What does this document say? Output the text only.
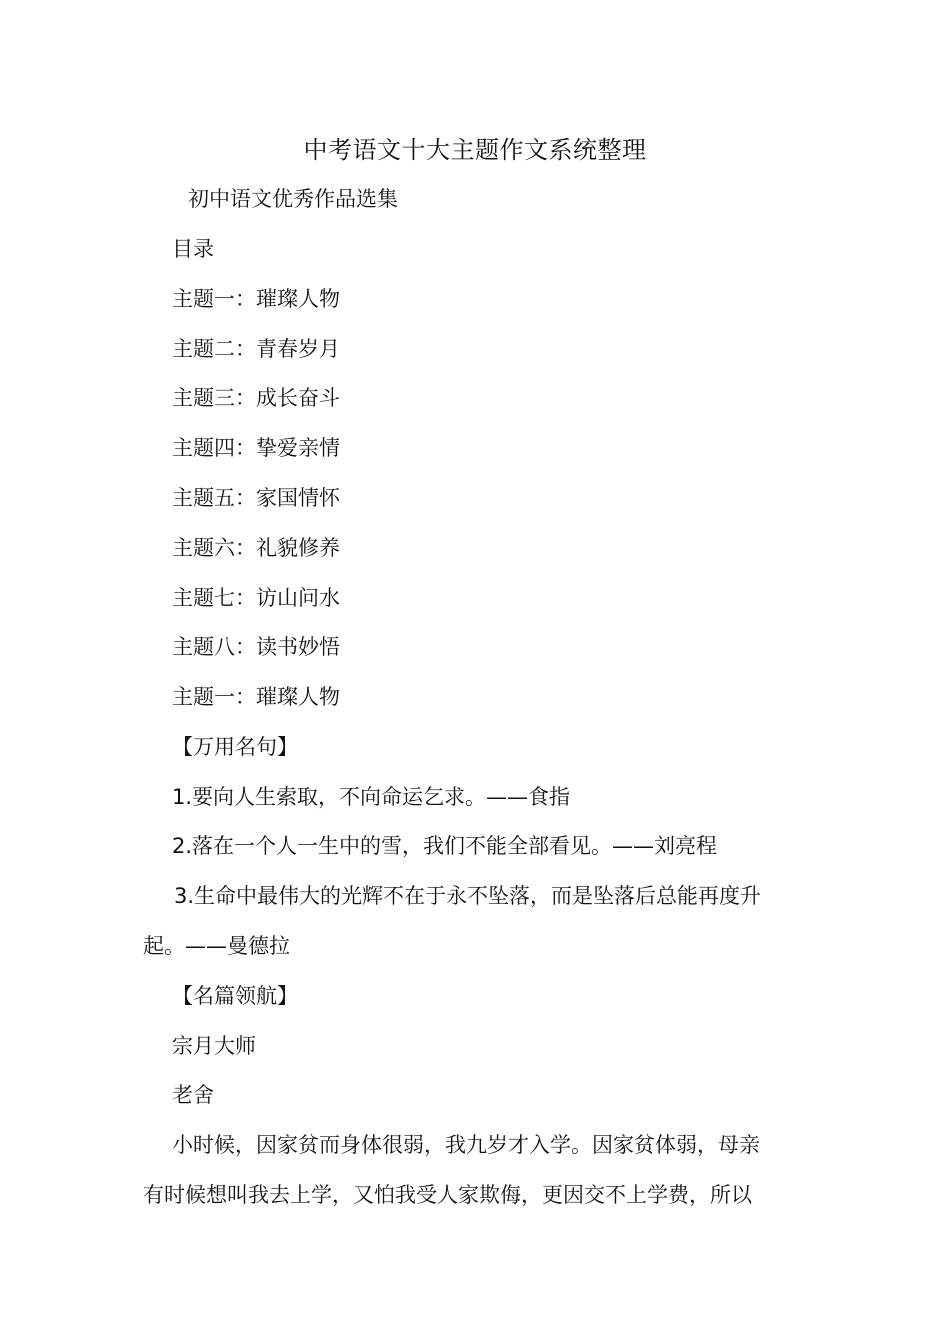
中考语文十大主题作文系统整理
初中语文优秀作品选集
目录
主题一：璀璨人物
主题二：青春岁月
主题三：成长奋斗
主题四：挚爱亲情
主题五：家国情怀
主题六：礼貌修养
主题七：访山问水
主题八：读书妙悟
主题一：璀璨人物
【万用名句】
1.要向人生索取，不向命运乞求。——食指
2.落在一个人一生中的雪，我们不能全部看见。——刘亮程
3.生命中最伟大的光辉不在于永不坠落，而是坠落后总能再度升
起。——曼德拉
【名篇领航】
宗月大师
老舍
小时候，因家贫而身体很弱，我九岁才入学。因家贫体弱，母亲
有时候想叫我去上学，又怕我受人家欺侮，更因交不上学费，所以
